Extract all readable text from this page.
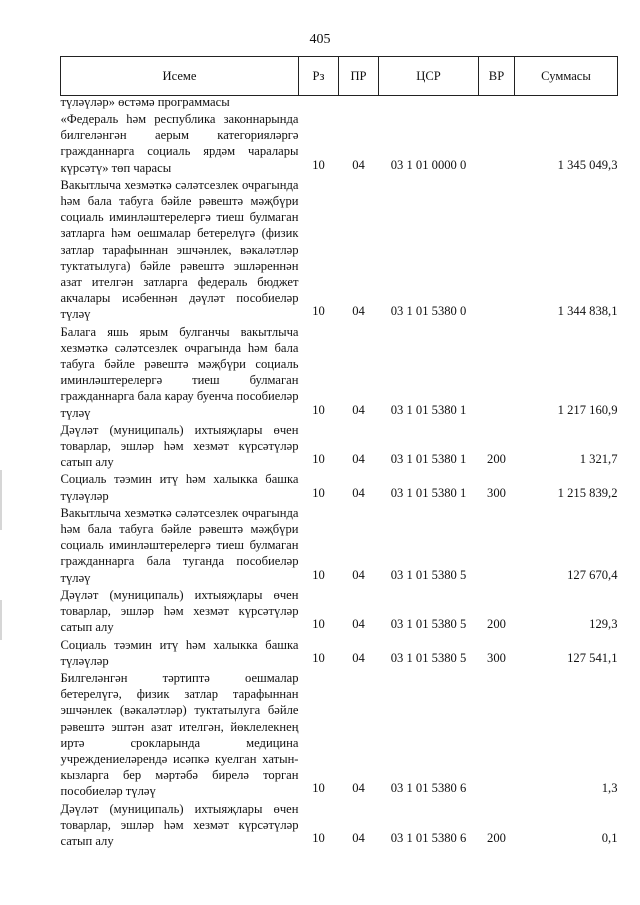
405
Исеме	Рз	ПР	ЦСР	ВР	Суммасы
түләүләр» өстәмә программасы					
«Федераль һәм республика законнарында билгеләнгән аерым категорияләргә гражданнарга социаль ярдәм чаралары күрсәтү» төп чарасы	10	04	03 1 01 0000 0		1 345 049,3
Вакытлыча хезмәткә сәләтсезлек очрагында һәм бала табуга бәйле рәвештә мәҗбүри социаль иминләштерелергә тиеш булмаган затларга һәм оешмалар бетерелүгә (физик затлар тарафыннан эшчәнлек, вәкаләтләр туктатылуга) бәйле рәвештә эшләреннән азат ителгән затларга федераль бюджет акчалары исәбеннән дәүләт пособиеләр түләү	10	04	03 1 01 5380 0		1 344 838,1
Балага яшь ярым булганчы вакытлыча хезмәткә сәләтсезлек очрагында һәм бала табуга бәйле рәвештә мәҗбүри социаль иминләштерелергә тиеш булмаган гражданнарга бала карау буенча пособиеләр түләү	10	04	03 1 01 5380 1		1 217 160,9
Дәүләт (муниципаль) ихтыяҗлары өчен товарлар, эшләр һәм хезмәт күрсәтүләр сатып алу	10	04	03 1 01 5380 1	200	1 321,7
Социаль тәэмин итү һәм халыкка башка түләүләр	10	04	03 1 01 5380 1	300	1 215 839,2
Вакытлыча хезмәткә сәләтсезлек очрагында һәм бала табуга бәйле рәвештә мәҗбүри социаль иминләштерелергә тиеш булмаган гражданнарга бала туганда пособиеләр түләү	10	04	03 1 01 5380 5		127 670,4
Дәүләт (муниципаль) ихтыяҗлары өчен товарлар, эшләр һәм хезмәт күрсәтүләр сатып алу	10	04	03 1 01 5380 5	200	129,3
Социаль тәэмин итү һәм халыкка башка түләүләр	10	04	03 1 01 5380 5	300	127 541,1
Билгеләнгән тәртиптә оешмалар бетерелүгә, физик затлар тарафыннан эшчәнлек (вәкаләтләр) туктатылуга бәйле рәвештә эштән азат ителгән, йөклелекнең иртә срокларында медицина учреждениеләрендә исәпкә куелган хатын-кызларга бер мәртәбә бирелә торган пособиеләр түләү	10	04	03 1 01 5380 6		1,3
Дәүләт (муниципаль) ихтыяҗлары өчен товарлар, эшләр һәм хезмәт күрсәтүләр сатып алу	10	04	03 1 01 5380 6	200	0,1
